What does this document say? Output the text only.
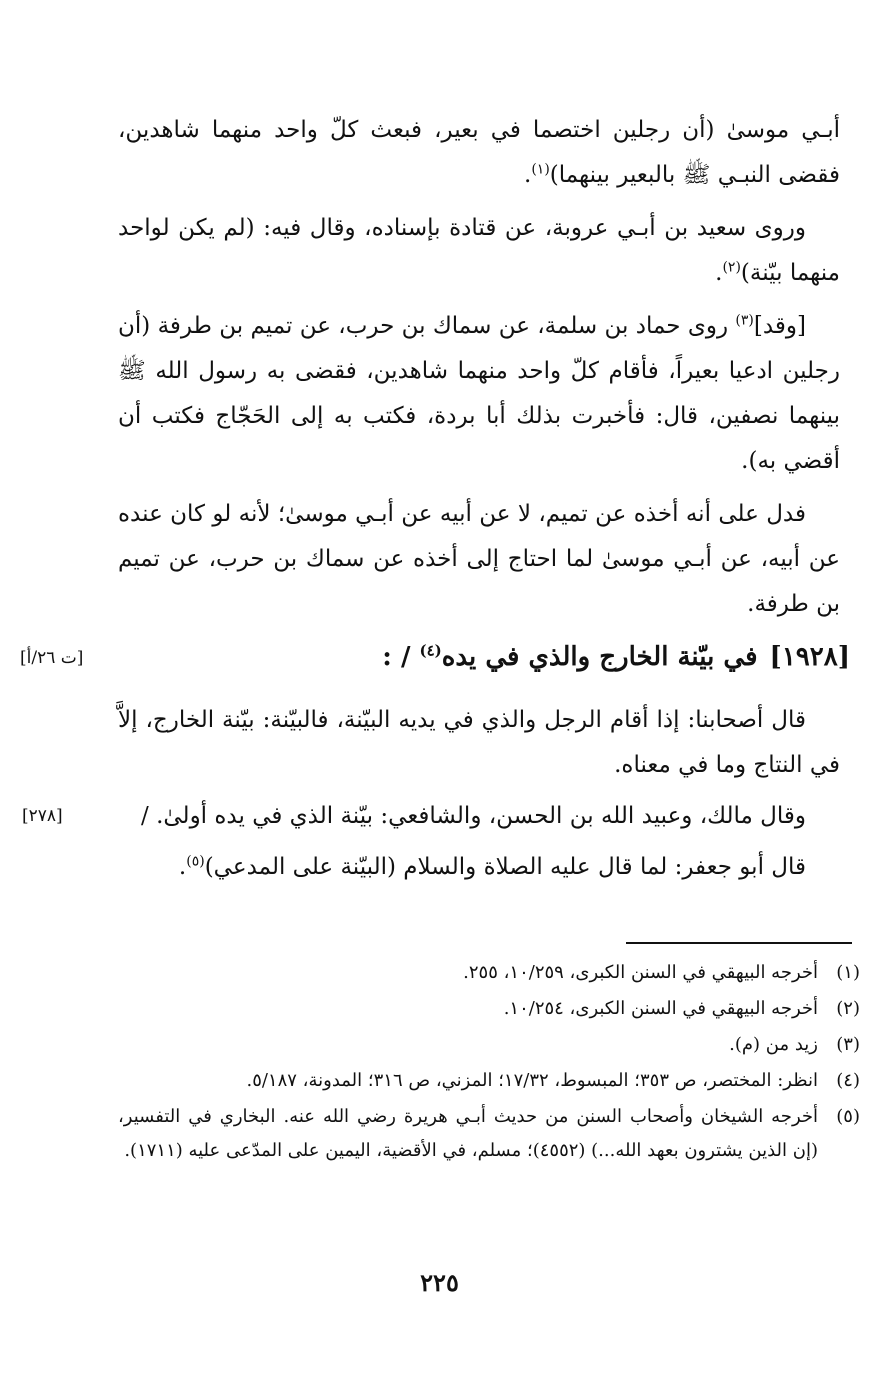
أبـي موسىٰ (أن رجلين اختصما في بعير، فبعث كلّ واحد منهما شاهدين، فقضى النبـي ﷺ بالبعير بينهما)$^{(١)}$.

وروى سعيد بن أبـي عروبة، عن قتادة بإسناده، وقال فيه: (لم يكن لواحد منهما بيّنة)$^{(٢)}$.

[وقد]$^{(٣)}$ روى حماد بن سلمة، عن سماك بن حرب، عن تميم بن طرفة (أن رجلين ادعيا بعيراً، فأقام كلّ واحد منهما شاهدين، فقضى به رسول الله ﷺ بينهما نصفين، قال: فأخبرت بذلك أبا بردة، فكتب به إلى الحَجّاج فكتب أن أقضي به).

فدل على أنه أخذه عن تميم، لا عن أبيه عن أبـي موسىٰ؛ لأنه لو كان عنده عن أبيه، عن أبـي موسىٰ لما احتاج إلى أخذه عن سماك بن حرب، عن تميم بن طرفة.

[١٩٢٨]في بيّنة الخارج والذي في يده$^{(٤)}$ / :
[ت ٢٦/أ]

قال أصحابنا: إذا أقام الرجل والذي في يديه البيّنة، فالبيّنة: بيّنة الخارج، إلاَّ في النتاج وما في معناه.

وقال مالك، وعبيد الله بن الحسن، والشافعي: بيّنة الذي في يده أولىٰ. /
[٢٧٨]

قال أبو جعفر: لما قال عليه الصلاة والسلام (البيّنة على المدعي)$^{(٥)}$.

(١)
أخرجه البيهقي في السنن الكبرى، ١٠/٢٥٩، ٢٥٥.
(٢)
أخرجه البيهقي في السنن الكبرى، ١٠/٢٥٤.
(٣)
زيد من (م).
(٤)
انظر: المختصر، ص ٣٥٣؛ المبسوط، ١٧/٣٢؛ المزني، ص ٣١٦؛ المدونة، ٥/١٨٧.
(٥)
أخرجه الشيخان وأصحاب السنن من حديث أبـي هريرة رضي الله عنه. البخاري في التفسير، (إن الذين يشترون بعهد الله...) (٤٥٥٢)؛ مسلم، في الأقضية، اليمين على المدّعى عليه (١٧١١).
٢٢٥
